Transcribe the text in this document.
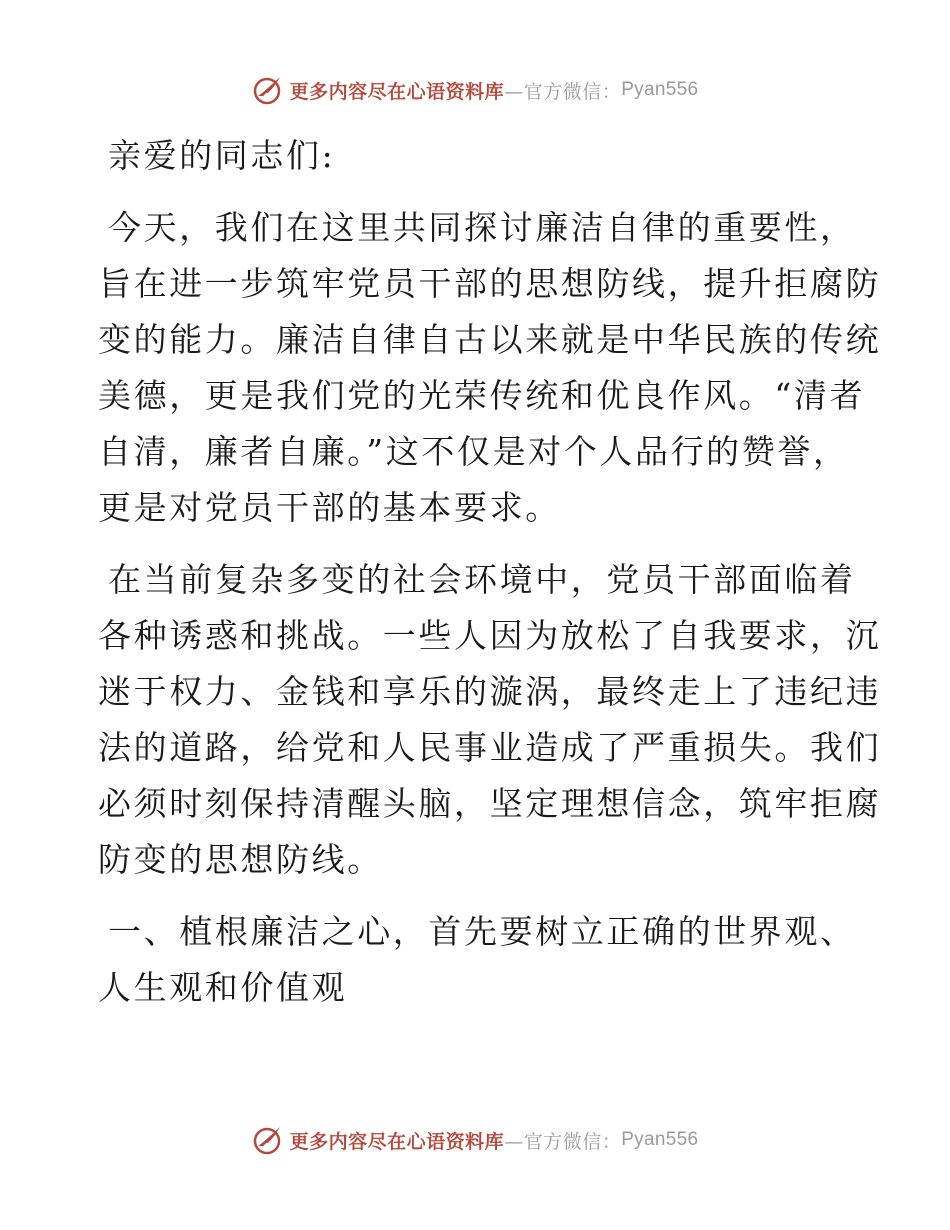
更多内容尽在心语资料库 —官方微信： Pyan556
亲爱的同志们:
今天，我们在这里共同探讨廉洁自律的重要性，
旨在进一步筑牢党员干部的思想防线，提升拒腐防
变的能力。廉洁自律自古以来就是中华民族的传统
美德，更是我们党的光荣传统和优良作风。“清者
自清，廉者自廉。”这不仅是对个人品行的赞誉，
更是对党员干部的基本要求。
在当前复杂多变的社会环境中，党员干部面临着
各种诱惑和挑战。一些人因为放松了自我要求，沉
迷于权力、金钱和享乐的漩涡，最终走上了违纪违
法的道路，给党和人民事业造成了严重损失。我们
必须时刻保持清醒头脑，坚定理想信念，筑牢拒腐
防变的思想防线。
一、植根廉洁之心，首先要树立正确的世界观、
人生观和价值观
更多内容尽在心语资料库 —官方微信： Pyan556
